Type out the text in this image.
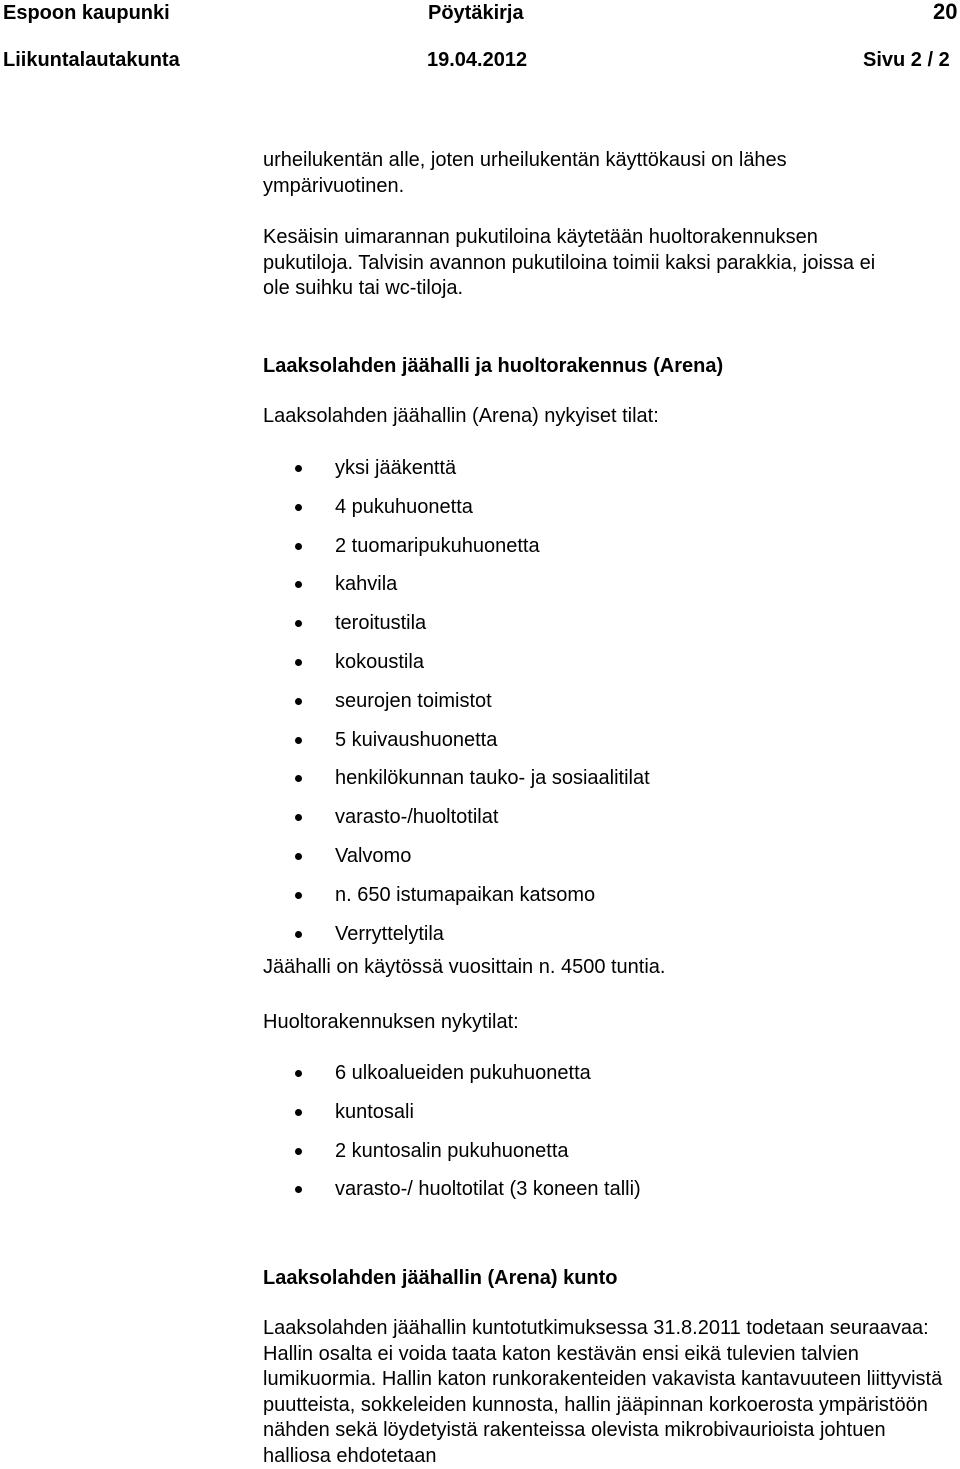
Espoon kaupunki	Pöytäkirja	20
Liikuntalautakunta	19.04.2012	Sivu 2 / 2
urheilukentän alle, joten urheilukentän käyttökausi on lähes ympärivuotinen.
Kesäisin uimarannan pukutiloina käytetään huoltorakennuksen pukutiloja. Talvisin avannon pukutiloina toimii kaksi parakkia, joissa ei ole suihku tai wc-tiloja.
Laaksolahden jäähalli ja huoltorakennus (Arena)
Laaksolahden jäähallin (Arena) nykyiset tilat:
yksi jääkenttä
4 pukuhuonetta
2 tuomaripukuhuonetta
kahvila
teroitustila
kokoustila
seurojen toimistot
5 kuivaushuonetta
henkilökunnan tauko- ja sosiaalitilat
varasto-/huoltotilat
Valvomo
n. 650 istumapaikan katsomo
Verryttelytila
Jäähalli on käytössä vuosittain n. 4500 tuntia.
Huoltorakennuksen nykytilat:
6 ulkoalueiden pukuhuonetta
kuntosali
2 kuntosalin pukuhuonetta
varasto-/ huoltotilat (3 koneen talli)
Laaksolahden jäähallin (Arena) kunto
Laaksolahden jäähallin kuntotutkimuksessa 31.8.2011 todetaan seuraavaa: Hallin osalta ei voida taata katon kestävän ensi eikä tulevien talvien lumikuormia. Hallin katon runkorakenteiden vakavista kantavuuteen liittyvistä puutteista, sokkeleiden kunnosta, hallin jääpinnan korkoerosta ympäristöön nähden sekä löydetyistä rakenteissa olevista mikrobivaurioista johtuen halliosa ehdotetaan
